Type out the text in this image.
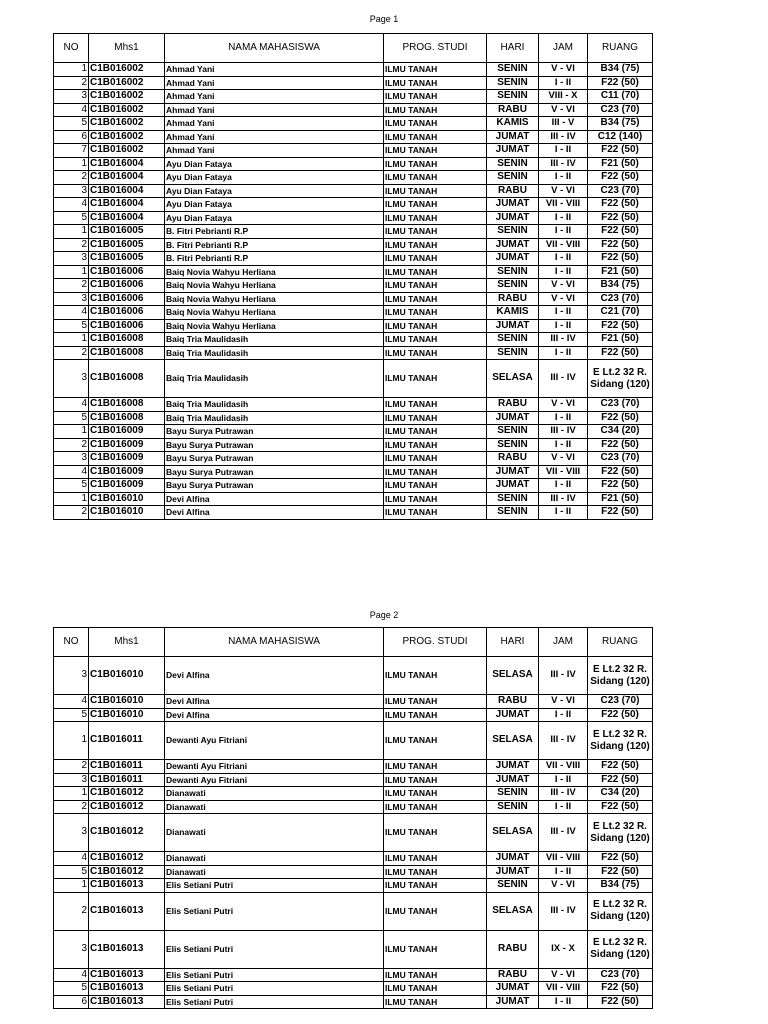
Page 1
NO	Mhs1	NAMA MAHASISWA	PROG. STUDI	HARI	JAM	RUANG
1	C1B016002	Ahmad Yani	ILMU TANAH	SENIN	V - VI	B34 (75)
2	C1B016002	Ahmad Yani	ILMU TANAH	SENIN	I - II	F22 (50)
3	C1B016002	Ahmad Yani	ILMU TANAH	SENIN	VIII - X	C11 (70)
4	C1B016002	Ahmad Yani	ILMU TANAH	RABU	V - VI	C23 (70)
5	C1B016002	Ahmad Yani	ILMU TANAH	KAMIS	III - V	B34 (75)
6	C1B016002	Ahmad Yani	ILMU TANAH	JUMAT	III - IV	C12 (140)
7	C1B016002	Ahmad Yani	ILMU TANAH	JUMAT	I - II	F22 (50)
1	C1B016004	Ayu Dian Fataya	ILMU TANAH	SENIN	III - IV	F21 (50)
2	C1B016004	Ayu Dian Fataya	ILMU TANAH	SENIN	I - II	F22 (50)
3	C1B016004	Ayu Dian Fataya	ILMU TANAH	RABU	V - VI	C23 (70)
4	C1B016004	Ayu Dian Fataya	ILMU TANAH	JUMAT	VII - VIII	F22 (50)
5	C1B016004	Ayu Dian Fataya	ILMU TANAH	JUMAT	I - II	F22 (50)
1	C1B016005	B. Fitri Pebrianti R.P	ILMU TANAH	SENIN	I - II	F22 (50)
2	C1B016005	B. Fitri Pebrianti R.P	ILMU TANAH	JUMAT	VII - VIII	F22 (50)
3	C1B016005	B. Fitri Pebrianti R.P	ILMU TANAH	JUMAT	I - II	F22 (50)
1	C1B016006	Baiq Novia Wahyu Herliana	ILMU TANAH	SENIN	I - II	F21 (50)
2	C1B016006	Baiq Novia Wahyu Herliana	ILMU TANAH	SENIN	V - VI	B34 (75)
3	C1B016006	Baiq Novia Wahyu Herliana	ILMU TANAH	RABU	V - VI	C23 (70)
4	C1B016006	Baiq Novia Wahyu Herliana	ILMU TANAH	KAMIS	I - II	C21 (70)
5	C1B016006	Baiq Novia Wahyu Herliana	ILMU TANAH	JUMAT	I - II	F22 (50)
1	C1B016008	Baiq Tria Maulidasih	ILMU TANAH	SENIN	III - IV	F21 (50)
2	C1B016008	Baiq Tria Maulidasih	ILMU TANAH	SENIN	I - II	F22 (50)
3	C1B016008	Baiq Tria Maulidasih	ILMU TANAH	SELASA	III - IV	E Lt.2 32 R. Sidang (120)
4	C1B016008	Baiq Tria Maulidasih	ILMU TANAH	RABU	V - VI	C23 (70)
5	C1B016008	Baiq Tria Maulidasih	ILMU TANAH	JUMAT	I - II	F22 (50)
1	C1B016009	Bayu Surya Putrawan	ILMU TANAH	SENIN	III - IV	C34 (20)
2	C1B016009	Bayu Surya Putrawan	ILMU TANAH	SENIN	I - II	F22 (50)
3	C1B016009	Bayu Surya Putrawan	ILMU TANAH	RABU	V - VI	C23 (70)
4	C1B016009	Bayu Surya Putrawan	ILMU TANAH	JUMAT	VII - VIII	F22 (50)
5	C1B016009	Bayu Surya Putrawan	ILMU TANAH	JUMAT	I - II	F22 (50)
1	C1B016010	Devi Alfina	ILMU TANAH	SENIN	III - IV	F21 (50)
2	C1B016010	Devi Alfina	ILMU TANAH	SENIN	I - II	F22 (50)
Page 2
NO	Mhs1	NAMA MAHASISWA	PROG. STUDI	HARI	JAM	RUANG
3	C1B016010	Devi Alfina	ILMU TANAH	SELASA	III - IV	E Lt.2 32 R. Sidang (120)
4	C1B016010	Devi Alfina	ILMU TANAH	RABU	V - VI	C23 (70)
5	C1B016010	Devi Alfina	ILMU TANAH	JUMAT	I - II	F22 (50)
1	C1B016011	Dewanti Ayu Fitriani	ILMU TANAH	SELASA	III - IV	E Lt.2 32 R. Sidang (120)
2	C1B016011	Dewanti Ayu Fitriani	ILMU TANAH	JUMAT	VII - VIII	F22 (50)
3	C1B016011	Dewanti Ayu Fitriani	ILMU TANAH	JUMAT	I - II	F22 (50)
1	C1B016012	Dianawati	ILMU TANAH	SENIN	III - IV	C34 (20)
2	C1B016012	Dianawati	ILMU TANAH	SENIN	I - II	F22 (50)
3	C1B016012	Dianawati	ILMU TANAH	SELASA	III - IV	E Lt.2 32 R. Sidang (120)
4	C1B016012	Dianawati	ILMU TANAH	JUMAT	VII - VIII	F22 (50)
5	C1B016012	Dianawati	ILMU TANAH	JUMAT	I - II	F22 (50)
1	C1B016013	Elis Setiani Putri	ILMU TANAH	SENIN	V - VI	B34 (75)
2	C1B016013	Elis Setiani Putri	ILMU TANAH	SELASA	III - IV	E Lt.2 32 R. Sidang (120)
3	C1B016013	Elis Setiani Putri	ILMU TANAH	RABU	IX - X	E Lt.2 32 R. Sidang (120)
4	C1B016013	Elis Setiani Putri	ILMU TANAH	RABU	V - VI	C23 (70)
5	C1B016013	Elis Setiani Putri	ILMU TANAH	JUMAT	VII - VIII	F22 (50)
6	C1B016013	Elis Setiani Putri	ILMU TANAH	JUMAT	I - II	F22 (50)
